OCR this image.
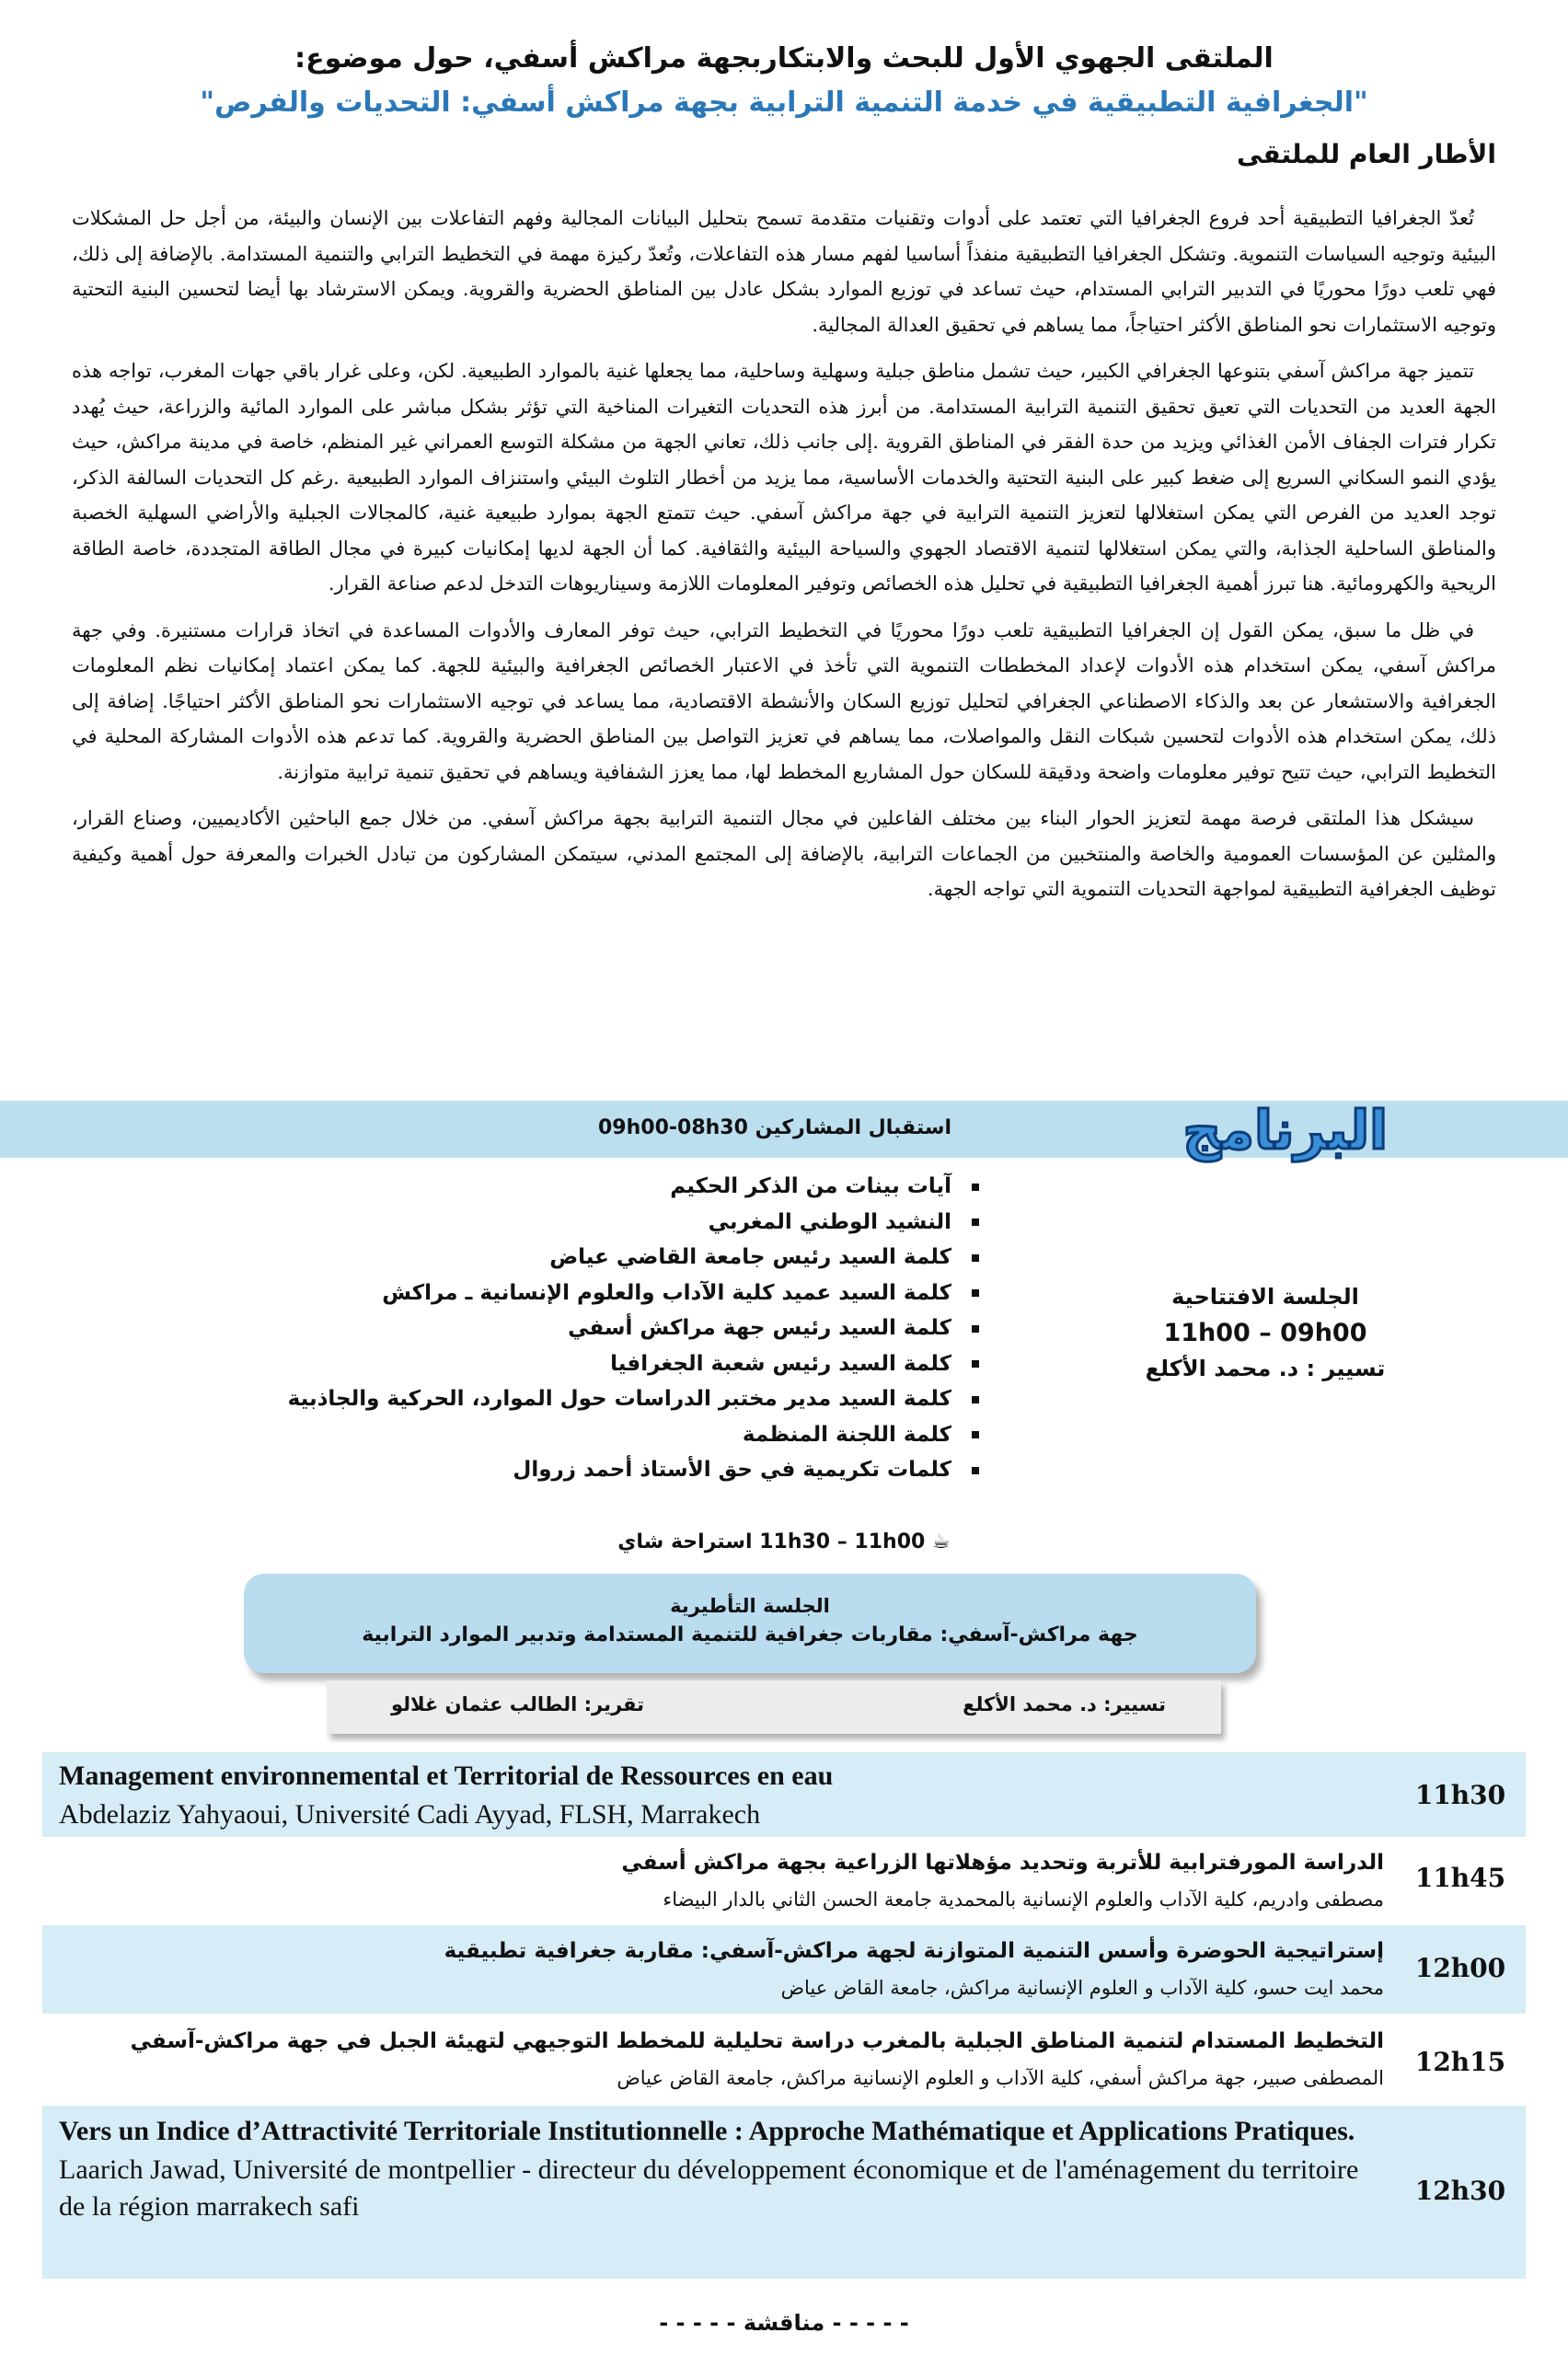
الملتقى الجهوي الأول للبحث والابتكاربجهة مراكش أسفي، حول موضوع:
"الجغرافية التطبيقية في خدمة التنمية الترابية بجهة مراكش أسفي: التحديات والفرص"
الأطار العام للملتقى

تُعدّ الجغرافيا التطبيقية أحد فروع الجغرافيا التي تعتمد على أدوات وتقنيات متقدمة تسمح بتحليل البيانات المجالية وفهم التفاعلات بين الإنسان والبيئة، من أجل حل المشكلات البيئية وتوجيه السياسات التنموية. وتشكل الجغرافيا التطبيقية منفذاً أساسيا لفهم مسار هذه التفاعلات، وتُعدّ ركيزة مهمة في التخطيط الترابي والتنمية المستدامة. بالإضافة إلى ذلك، فهي تلعب دورًا محوريًا في التدبير الترابي المستدام، حيث تساعد في توزيع الموارد بشكل عادل بين المناطق الحضرية والقروية. ويمكن الاسترشاد بها أيضا لتحسين البنية التحتية وتوجيه الاستثمارات نحو المناطق الأكثر احتياجاً، مما يساهم في تحقيق العدالة المجالية.

تتميز جهة مراكش آسفي بتنوعها الجغرافي الكبير، حيث تشمل مناطق جبلية وسهلية وساحلية، مما يجعلها غنية بالموارد الطبيعية. لكن، وعلى غرار باقي جهات المغرب، تواجه هذه الجهة العديد من التحديات التي تعيق تحقيق التنمية الترابية المستدامة. من أبرز هذه التحديات التغيرات المناخية التي تؤثر بشكل مباشر على الموارد المائية والزراعة، حيث يُهدد تكرار فترات الجفاف الأمن الغذائي ويزيد من حدة الفقر في المناطق القروية .إلى جانب ذلك، تعاني الجهة من مشكلة التوسع العمراني غير المنظم، خاصة في مدينة مراكش، حيث يؤدي النمو السكاني السريع إلى ضغط كبير على البنية التحتية والخدمات الأساسية، مما يزيد من أخطار التلوث البيئي واستنزاف الموارد الطبيعية .رغم كل التحديات السالفة الذكر، توجد العديد من الفرص التي يمكن استغلالها لتعزيز التنمية الترابية في جهة مراكش آسفي. حيث تتمتع الجهة بموارد طبيعية غنية، كالمجالات الجبلية والأراضي السهلية الخصبة والمناطق الساحلية الجذابة، والتي يمكن استغلالها لتنمية الاقتصاد الجهوي والسياحة البيئية والثقافية. كما أن الجهة لديها إمكانيات كبيرة في مجال الطاقة المتجددة، خاصة الطاقة الريحية والكهرومائية. هنا تبرز أهمية الجغرافيا التطبيقية في تحليل هذه الخصائص وتوفير المعلومات اللازمة وسيناريوهات التدخل لدعم صناعة القرار.

في ظل ما سبق، يمكن القول إن الجغرافيا التطبيقية تلعب دورًا محوريًا في التخطيط الترابي، حيث توفر المعارف والأدوات المساعدة في اتخاذ قرارات مستنيرة. وفي جهة مراكش آسفي، يمكن استخدام هذه الأدوات لإعداد المخططات التنموية التي تأخذ في الاعتبار الخصائص الجغرافية والبيئية للجهة. كما يمكن اعتماد إمكانيات نظم المعلومات الجغرافية والاستشعار عن بعد والذكاء الاصطناعي الجغرافي لتحليل توزيع السكان والأنشطة الاقتصادية، مما يساعد في توجيه الاستثمارات نحو المناطق الأكثر احتياجًا. إضافة إلى ذلك، يمكن استخدام هذه الأدوات لتحسين شبكات النقل والمواصلات، مما يساهم في تعزيز التواصل بين المناطق الحضرية والقروية. كما تدعم هذه الأدوات المشاركة المحلية في التخطيط الترابي، حيث تتيح توفير معلومات واضحة ودقيقة للسكان حول المشاريع المخطط لها، مما يعزز الشفافية ويساهم في تحقيق تنمية ترابية متوازنة.

سيشكل هذا الملتقى فرصة مهمة لتعزيز الحوار البناء بين مختلف الفاعلين في مجال التنمية الترابية بجهة مراكش آسفي. من خلال جمع الباحثين الأكاديميين، وصناع القرار، والمثلين عن المؤسسات العمومية والخاصة والمنتخبين من الجماعات الترابية، بالإضافة إلى المجتمع المدني، سيتمكن المشاركون من تبادل الخبرات والمعرفة حول أهمية وكيفية توظيف الجغرافية التطبيقية لمواجهة التحديات التنموية التي تواجه الجهة.

البرنامج
استقبال المشاركين 09h00-08h30
آيات بينات من الذكر الحكيم
النشيد الوطني المغربي
كلمة السيد رئيس جامعة القاضي عياض
كلمة السيد عميد كلية الآداب والعلوم الإنسانية ـ مراكش
كلمة السيد رئيس جهة مراكش أسفي
كلمة السيد رئيس شعبة الجغرافيا
كلمة السيد مدير مختبر الدراسات حول الموارد، الحركية والجاذبية
كلمة اللجنة المنظمة
كلمات تكريمية في حق الأستاذ أحمد زروال
الجلسة الافتتاحية
11h00 – 09h00
تسيير : د. محمد الأكلع
☕ 11h30 – 11h00 استراحة شاي
الجلسة التأطيرية
جهة مراكش-آسفي: مقاربات جغرافية للتنمية المستدامة وتدبير الموارد الترابية
تسيير: د. محمد الأكلع
تقرير: الطالب عثمان غلالو
Management environnemental et Territorial de Ressources en eau
Abdelaziz Yahyaoui, Université Cadi Ayyad, FLSH, Marrakech
11h30
الدراسة المورفترابية للأتربة وتحديد مؤهلاتها الزراعية بجهة مراكش أسفي
مصطفى وادريم، كلية الآداب والعلوم الإنسانية بالمحمدية جامعة الحسن الثاني بالدار البيضاء
11h45
إستراتيجية الحوضرة وأسس التنمية المتوازنة لجهة مراكش-آسفي: مقاربة جغرافية تطبيقية
محمد ايت حسو، كلية الآداب و العلوم الإنسانية مراكش، جامعة القاض عياض
12h00
التخطيط المستدام لتنمية المناطق الجبلية بالمغرب دراسة تحليلية للمخطط التوجيهي لتهيئة الجبل في جهة مراكش-آسفي
المصطفى صبير، جهة مراكش أسفي، كلية الآداب و العلوم الإنسانية مراكش، جامعة القاض عياض
12h15
Vers un Indice d’Attractivité Territoriale Institutionnelle : Approche Mathématique et Applications Pratiques.
Laarich Jawad, Université de montpellier - directeur du développement économique et de l'aménagement du territoire de la région marrakech safi
12h30
- - - - - مناقشة - - - - -
